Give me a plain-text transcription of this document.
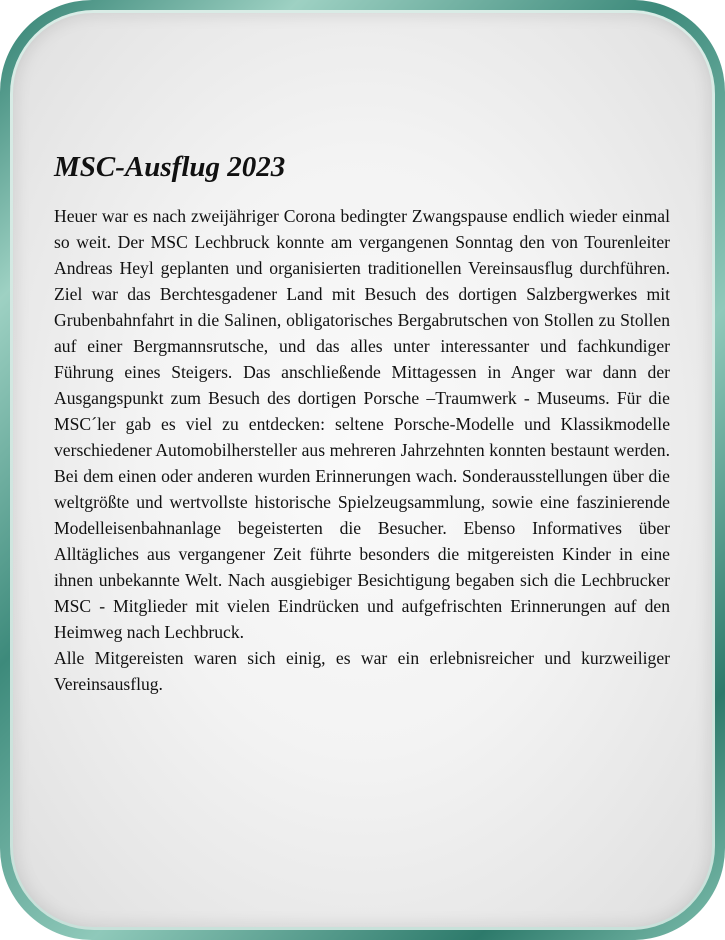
MSC-Ausflug 2023

Heuer war es nach zweijähriger Corona bedingter Zwangspause endlich wieder einmal so weit. Der MSC Lechbruck konnte am vergangenen Sonntag den von Tourenleiter Andreas Heyl geplanten und organisierten traditionellen Vereinsausflug durchführen. Ziel war das Berchtesgadener Land mit Besuch des dortigen Salzbergwerkes mit Grubenbahnfahrt in die Salinen, obligatorisches Bergabrutschen von Stollen zu Stollen auf einer Bergmannsrutsche, und das alles unter interessanter und fachkundiger Führung eines Steigers. Das anschließende Mittagessen in Anger war dann der Ausgangspunkt zum Besuch des dortigen Porsche –Traumwerk - Museums. Für die MSC´ler gab es viel zu entdecken: seltene Porsche-Modelle und Klassikmodelle verschiedener Automobilhersteller aus mehreren Jahrzehnten konnten bestaunt werden. Bei dem einen oder anderen wurden Erinnerungen wach. Sonderausstellungen über die weltgrößte und wertvollste historische Spielzeugsammlung, sowie eine faszinierende Modelleisenbahnanlage begeisterten die Besucher. Ebenso Informatives über Alltägliches aus vergangener Zeit führte besonders die mitgereisten Kinder in eine ihnen unbekannte Welt. Nach ausgiebiger Besichtigung begaben sich die Lechbrucker MSC - Mitglieder mit vielen Eindrücken und aufgefrischten Erinnerungen auf den Heimweg nach Lechbruck.

Alle Mitgereisten waren sich einig, es war ein erlebnisreicher und kurzweiliger Vereinsausflug.
